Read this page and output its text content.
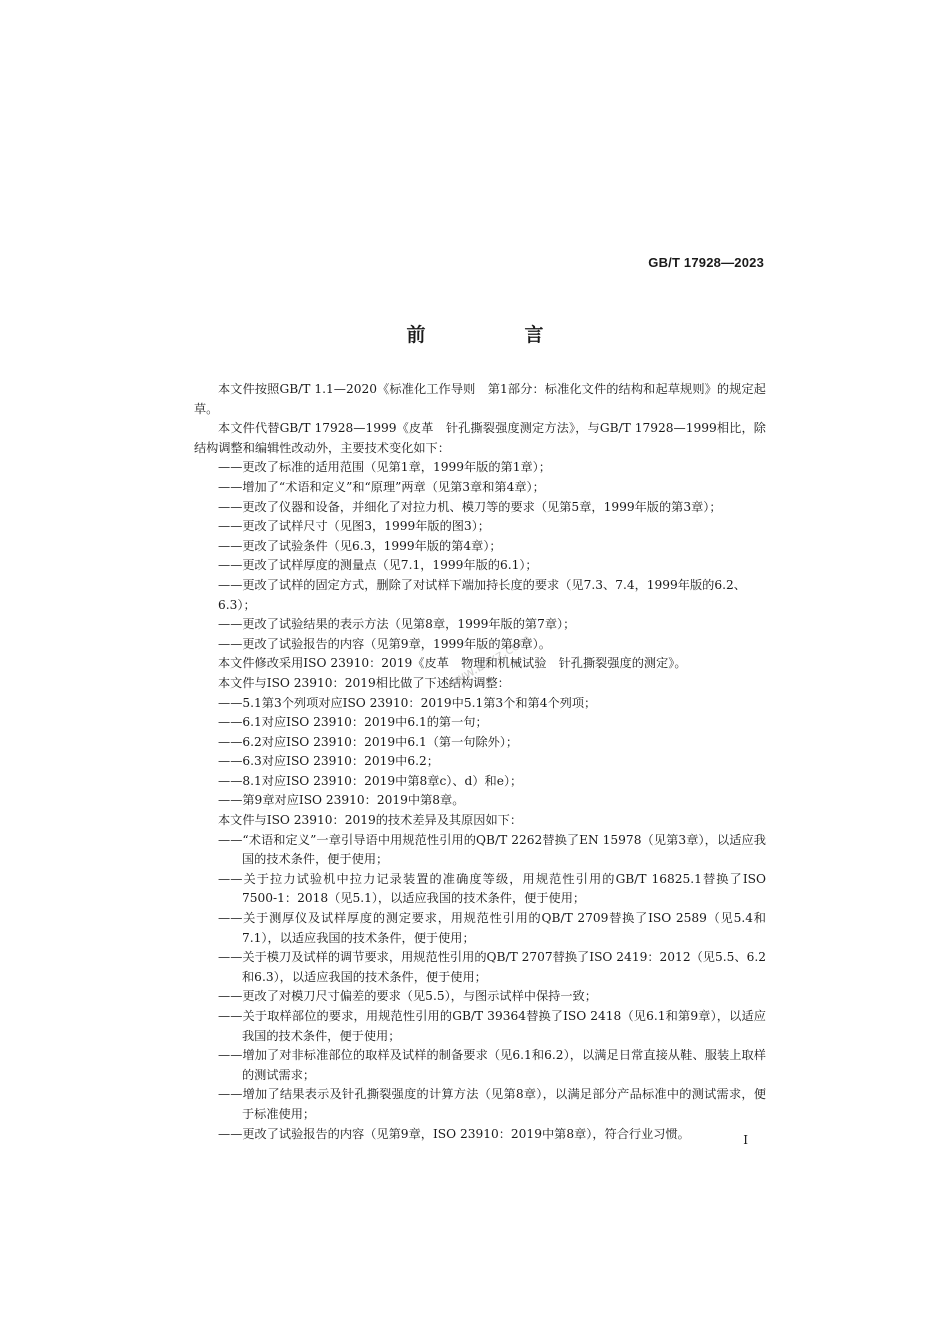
GB/T 17928—2023
前　言

本文件按照GB/T 1.1—2020《标准化工作导则　第1部分：标准化文件的结构和起草规则》的规定起草。

本文件代替GB/T 17928—1999《皮革　针孔撕裂强度测定方法》，与GB/T 17928—1999相比，除结构调整和编辑性改动外，主要技术变化如下：

——更改了标准的适用范围（见第1章，1999年版的第1章）；

——增加了“术语和定义”和“原理”两章（见第3章和第4章）；

——更改了仪器和设备，并细化了对拉力机、模刀等的要求（见第5章，1999年版的第3章）；

——更改了试样尺寸（见图3，1999年版的图3）；

——更改了试验条件（见6.3，1999年版的第4章）；

——更改了试样厚度的测量点（见7.1，1999年版的6.1）；

——更改了试样的固定方式，删除了对试样下端加持长度的要求（见7.3、7.4，1999年版的6.2、6.3）；

——更改了试验结果的表示方法（见第8章，1999年版的第7章）；

——更改了试验报告的内容（见第9章，1999年版的第8章）。

本文件修改采用ISO 23910：2019《皮革　物理和机械试验　针孔撕裂强度的测定》。

本文件与ISO 23910：2019相比做了下述结构调整：

——5.1第3个列项对应ISO 23910：2019中5.1第3个和第4个列项；

——6.1对应ISO 23910：2019中6.1的第一句；

——6.2对应ISO 23910：2019中6.1（第一句除外）；

——6.3对应ISO 23910：2019中6.2；

——8.1对应ISO 23910：2019中第8章c）、d）和e）；

——第9章对应ISO 23910：2019中第8章。

本文件与ISO 23910：2019的技术差异及其原因如下：

——“术语和定义”一章引导语中用规范性引用的QB/T 2262替换了EN 15978（见第3章），以适应我国的技术条件，便于使用；

——关于拉力试验机中拉力记录装置的准确度等级，用规范性引用的GB/T 16825.1替换了ISO 7500-1：2018（见5.1），以适应我国的技术条件，便于使用；

——关于测厚仪及试样厚度的测定要求，用规范性引用的QB/T 2709替换了ISO 2589（见5.4和7.1），以适应我国的技术条件，便于使用；

——关于模刀及试样的调节要求，用规范性引用的QB/T 2707替换了ISO 2419：2012（见5.5、6.2和6.3），以适应我国的技术条件，便于使用；

——更改了对模刀尺寸偏差的要求（见5.5），与图示试样中保持一致；

——关于取样部位的要求，用规范性引用的GB/T 39364替换了ISO 2418（见6.1和第9章），以适应我国的技术条件，便于使用；

——增加了对非标准部位的取样及试样的制备要求（见6.1和6.2），以满足日常直接从鞋、服装上取样的测试需求；

——增加了结果表示及针孔撕裂强度的计算方法（见第8章），以满足部分产品标准中的测试需求，便于标准使用；

——更改了试验报告的内容（见第9章，ISO 23910：2019中第8章），符合行业习惯。

www.bzxz.com
I
